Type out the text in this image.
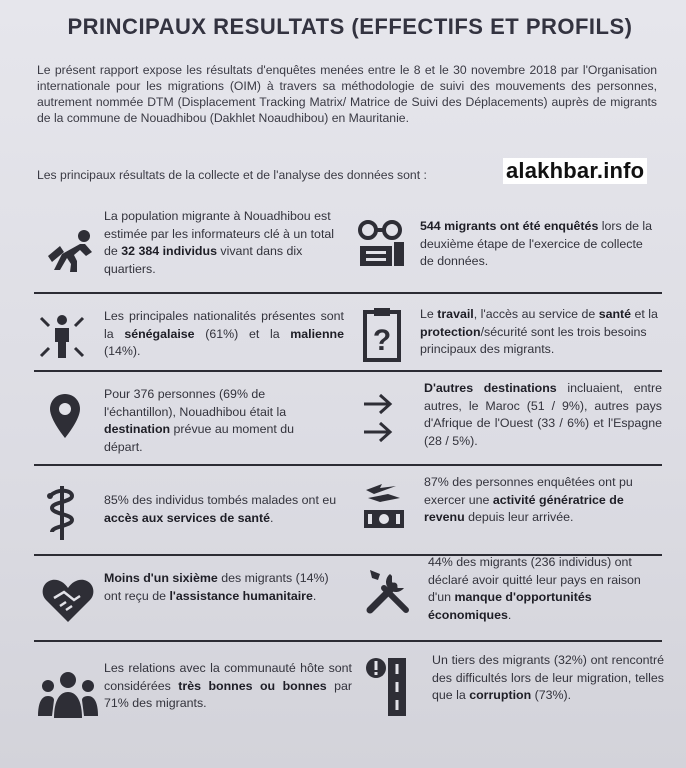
PRINCIPAUX RESULTATS (EFFECTIFS ET PROFILS)
Le présent rapport expose les résultats d'enquêtes menées entre le 8 et le 30 novembre 2018 par l'Organisation internationale pour les migrations (OIM) à travers sa méthodologie de suivi des mouvements des personnes, autrement nommée DTM (Displacement Tracking Matrix/ Matrice de Suivi des Déplacements) auprès de migrants de la commune de Nouadhibou (Dakhlet Noaudhibou) en Mauritanie.
Les principaux résultats de la collecte et de l'analyse des données sont :	alakhbar.info
La population migrante à Nouadhibou est estimée par les informateurs clé à un total de 32 384 individus vivant dans dix quartiers.
544 migrants ont été enquêtés lors de la deuxième étape de l'exercice de collecte de données.
Les principales nationalités présentes sont la sénégalaise (61%) et la malienne (14%).	?
Le travail, l'accès au service de santé et la protection/sécurité sont les trois besoins principaux des migrants.
Pour 376 personnes (69% de l'échantillon), Nouadhibou était la destination prévue au moment du départ.
D'autres destinations incluaient, entre autres, le Maroc (51 / 9%), autres pays d'Afrique de l'Ouest (33 / 6%) et l'Espagne (28 / 5%).
85% des individus tombés malades ont eu accès aux services de santé.
87% des personnes enquêtées ont pu exercer une activité génératrice de revenu depuis leur arrivée.
Moins d'un sixième des migrants (14%) ont reçu de l'assistance humanitaire.
44% des migrants (236 individus) ont déclaré avoir quitté leur pays en raison d'un manque d'opportunités économiques.
Les relations avec la communauté hôte sont considérées très bonnes ou bonnes par 71% des migrants.
Un tiers des migrants (32%) ont rencontré des difficultés lors de leur migration, telles que la corruption (73%).
